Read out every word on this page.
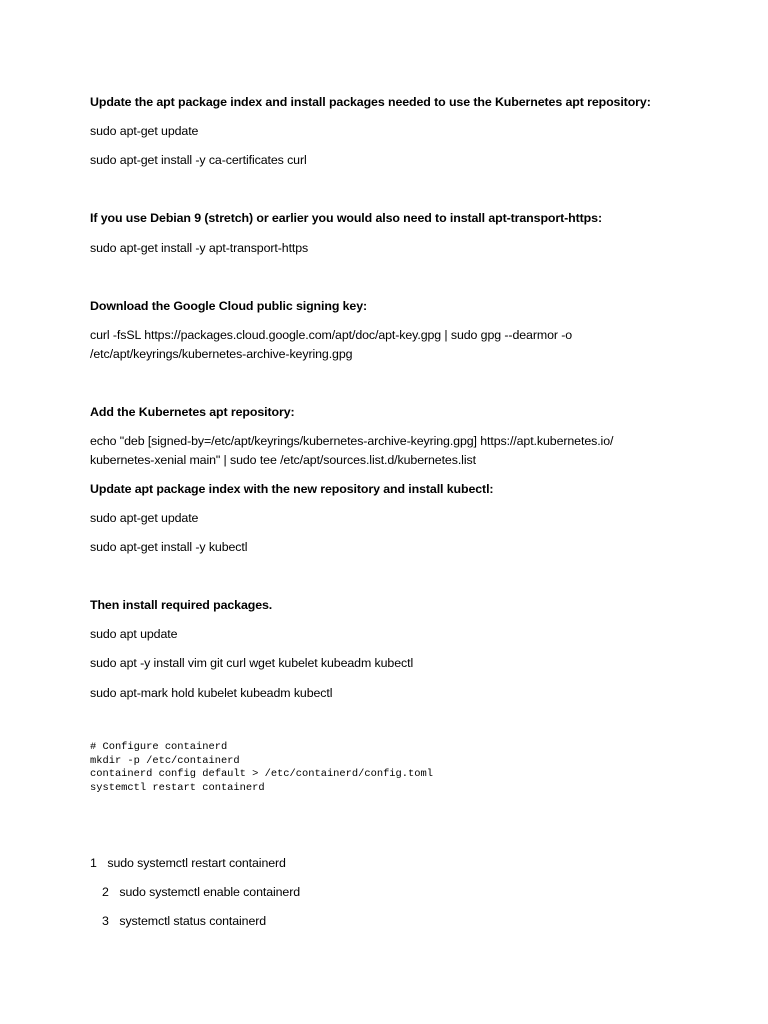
Update the apt package index and install packages needed to use the Kubernetes apt repository:
sudo apt-get update
sudo apt-get install -y ca-certificates curl
If you use Debian 9 (stretch) or earlier you would also need to install apt-transport-https:
sudo apt-get install -y apt-transport-https
Download the Google Cloud public signing key:
curl -fsSL https://packages.cloud.google.com/apt/doc/apt-key.gpg | sudo gpg --dearmor -o
/etc/apt/keyrings/kubernetes-archive-keyring.gpg
Add the Kubernetes apt repository:
echo "deb [signed-by=/etc/apt/keyrings/kubernetes-archive-keyring.gpg] https://apt.kubernetes.io/
kubernetes-xenial main" | sudo tee /etc/apt/sources.list.d/kubernetes.list
Update apt package index with the new repository and install kubectl:
sudo apt-get update
sudo apt-get install -y kubectl
Then install required packages.
sudo apt update
sudo apt -y install vim git curl wget kubelet kubeadm kubectl
sudo apt-mark hold kubelet kubeadm kubectl
# Configure containerd
mkdir -p /etc/containerd
containerd config default > /etc/containerd/config.toml
systemctl restart containerd
1 sudo systemctl restart containerd
2 sudo systemctl enable containerd
3 systemctl status containerd
